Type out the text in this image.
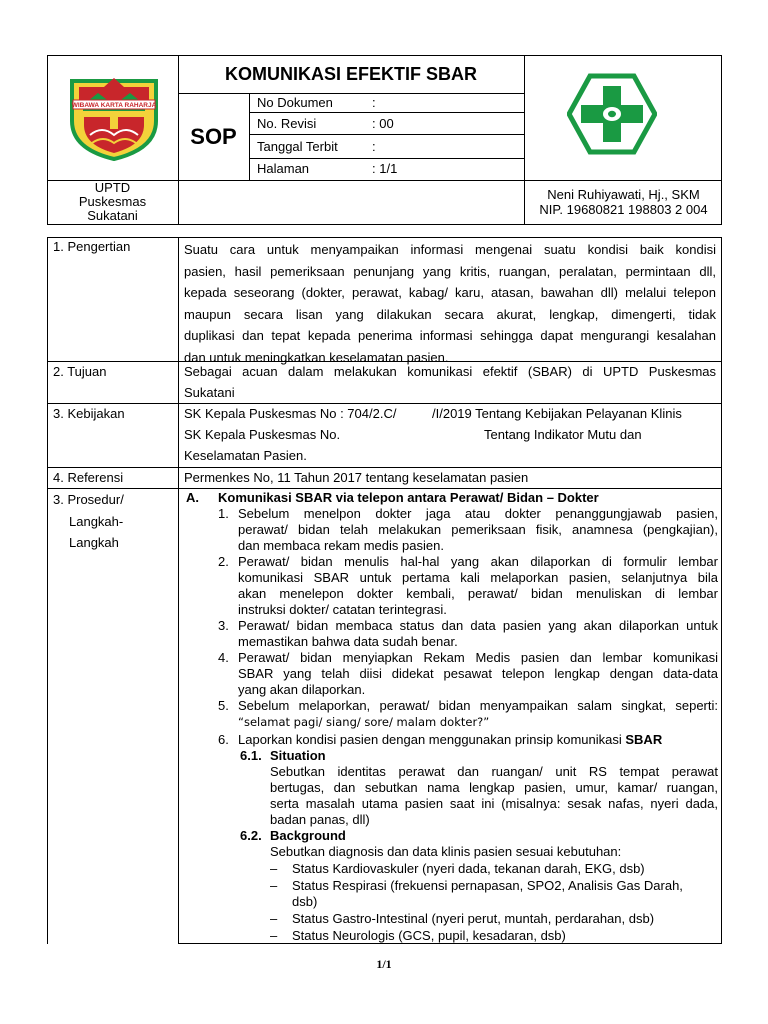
WIBAWA KARTA RAHARJA
KOMUNIKASI EFEKTIF SBAR
SOP
No Dokumen	:
No. Revisi	: 00
Tanggal Terbit	:
Halaman	: 1/1
UPTD
Puskesmas
Sukatani
Neni Ruhiyawati, Hj., SKM
NIP. 19680821 198803 2 004
1. Pengertian	Suatu cara untuk menyampaikan informasi mengenai suatu kondisi baik kondisi
pasien, hasil pemeriksaan penunjang yang kritis, ruangan, peralatan, permintaan dll,
kepada seseorang (dokter, perawat, kabag/ karu, atasan, bawahan dll) melalui telepon
maupun secara lisan yang dilakukan secara akurat, lengkap, dimengerti, tidak
duplikasi dan tepat kepada penerima informasi sehingga dapat mengurangi kesalahan
dan untuk meningkatkan keselamatan pasien.
2. Tujuan	Sebagai acuan dalam melakukan komunikasi efektif (SBAR) di UPTD Puskesmas
Sukatani
3. Kebijakan	SK Kepala Puskesmas No : 704/2.C/	/I/2019 Tentang Kebijakan Pelayanan Klinis
SK Kepala Puskesmas No.	Tentang Indikator Mutu dan
Keselamatan Pasien.
4. Referensi	Permenkes No, 11 Tahun 2017 tentang keselamatan pasien
3. Prosedur/
Langkah-
Langkah
A. Komunikasi SBAR via telepon antara Perawat/ Bidan – Dokter
1. Sebelum menelpon dokter jaga atau dokter penanggungjawab pasien,
perawat/ bidan telah melakukan pemeriksaan fisik, anamnesa (pengkajian),
dan membaca rekam medis pasien.
2. Perawat/ bidan menulis hal-hal yang akan dilaporkan di formulir lembar
komunikasi SBAR untuk pertama kali melaporkan pasien, selanjutnya bila
akan menelepon dokter kembali, perawat/ bidan menuliskan di lembar
instruksi dokter/ catatan terintegrasi.
3. Perawat/ bidan membaca status dan data pasien yang akan dilaporkan untuk
memastikan bahwa data sudah benar.
4. Perawat/ bidan menyiapkan Rekam Medis pasien dan lembar komunikasi
SBAR yang telah diisi didekat pesawat telepon lengkap dengan data-data
yang akan dilaporkan.
5. Sebelum melaporkan, perawat/ bidan menyampaikan salam singkat, seperti:
“selamat pagi/ siang/ sore/ malam dokter?”
6. Laporkan kondisi pasien dengan menggunakan prinsip komunikasi SBAR
6.1. Situation
Sebutkan identitas perawat dan ruangan/ unit RS tempat perawat
bertugas, dan sebutkan nama lengkap pasien, umur, kamar/ ruangan,
serta masalah utama pasien saat ini (misalnya: sesak nafas, nyeri dada,
badan panas, dll)
6.2. Background
Sebutkan diagnosis dan data klinis pasien sesuai kebutuhan:
– Status Kardiovaskuler (nyeri dada, tekanan darah, EKG, dsb)
– Status Respirasi (frekuensi pernapasan, SPO2, Analisis Gas Darah,
dsb)
– Status Gastro-Intestinal (nyeri perut, muntah, perdarahan, dsb)
– Status Neurologis (GCS, pupil, kesadaran, dsb)
1/1
